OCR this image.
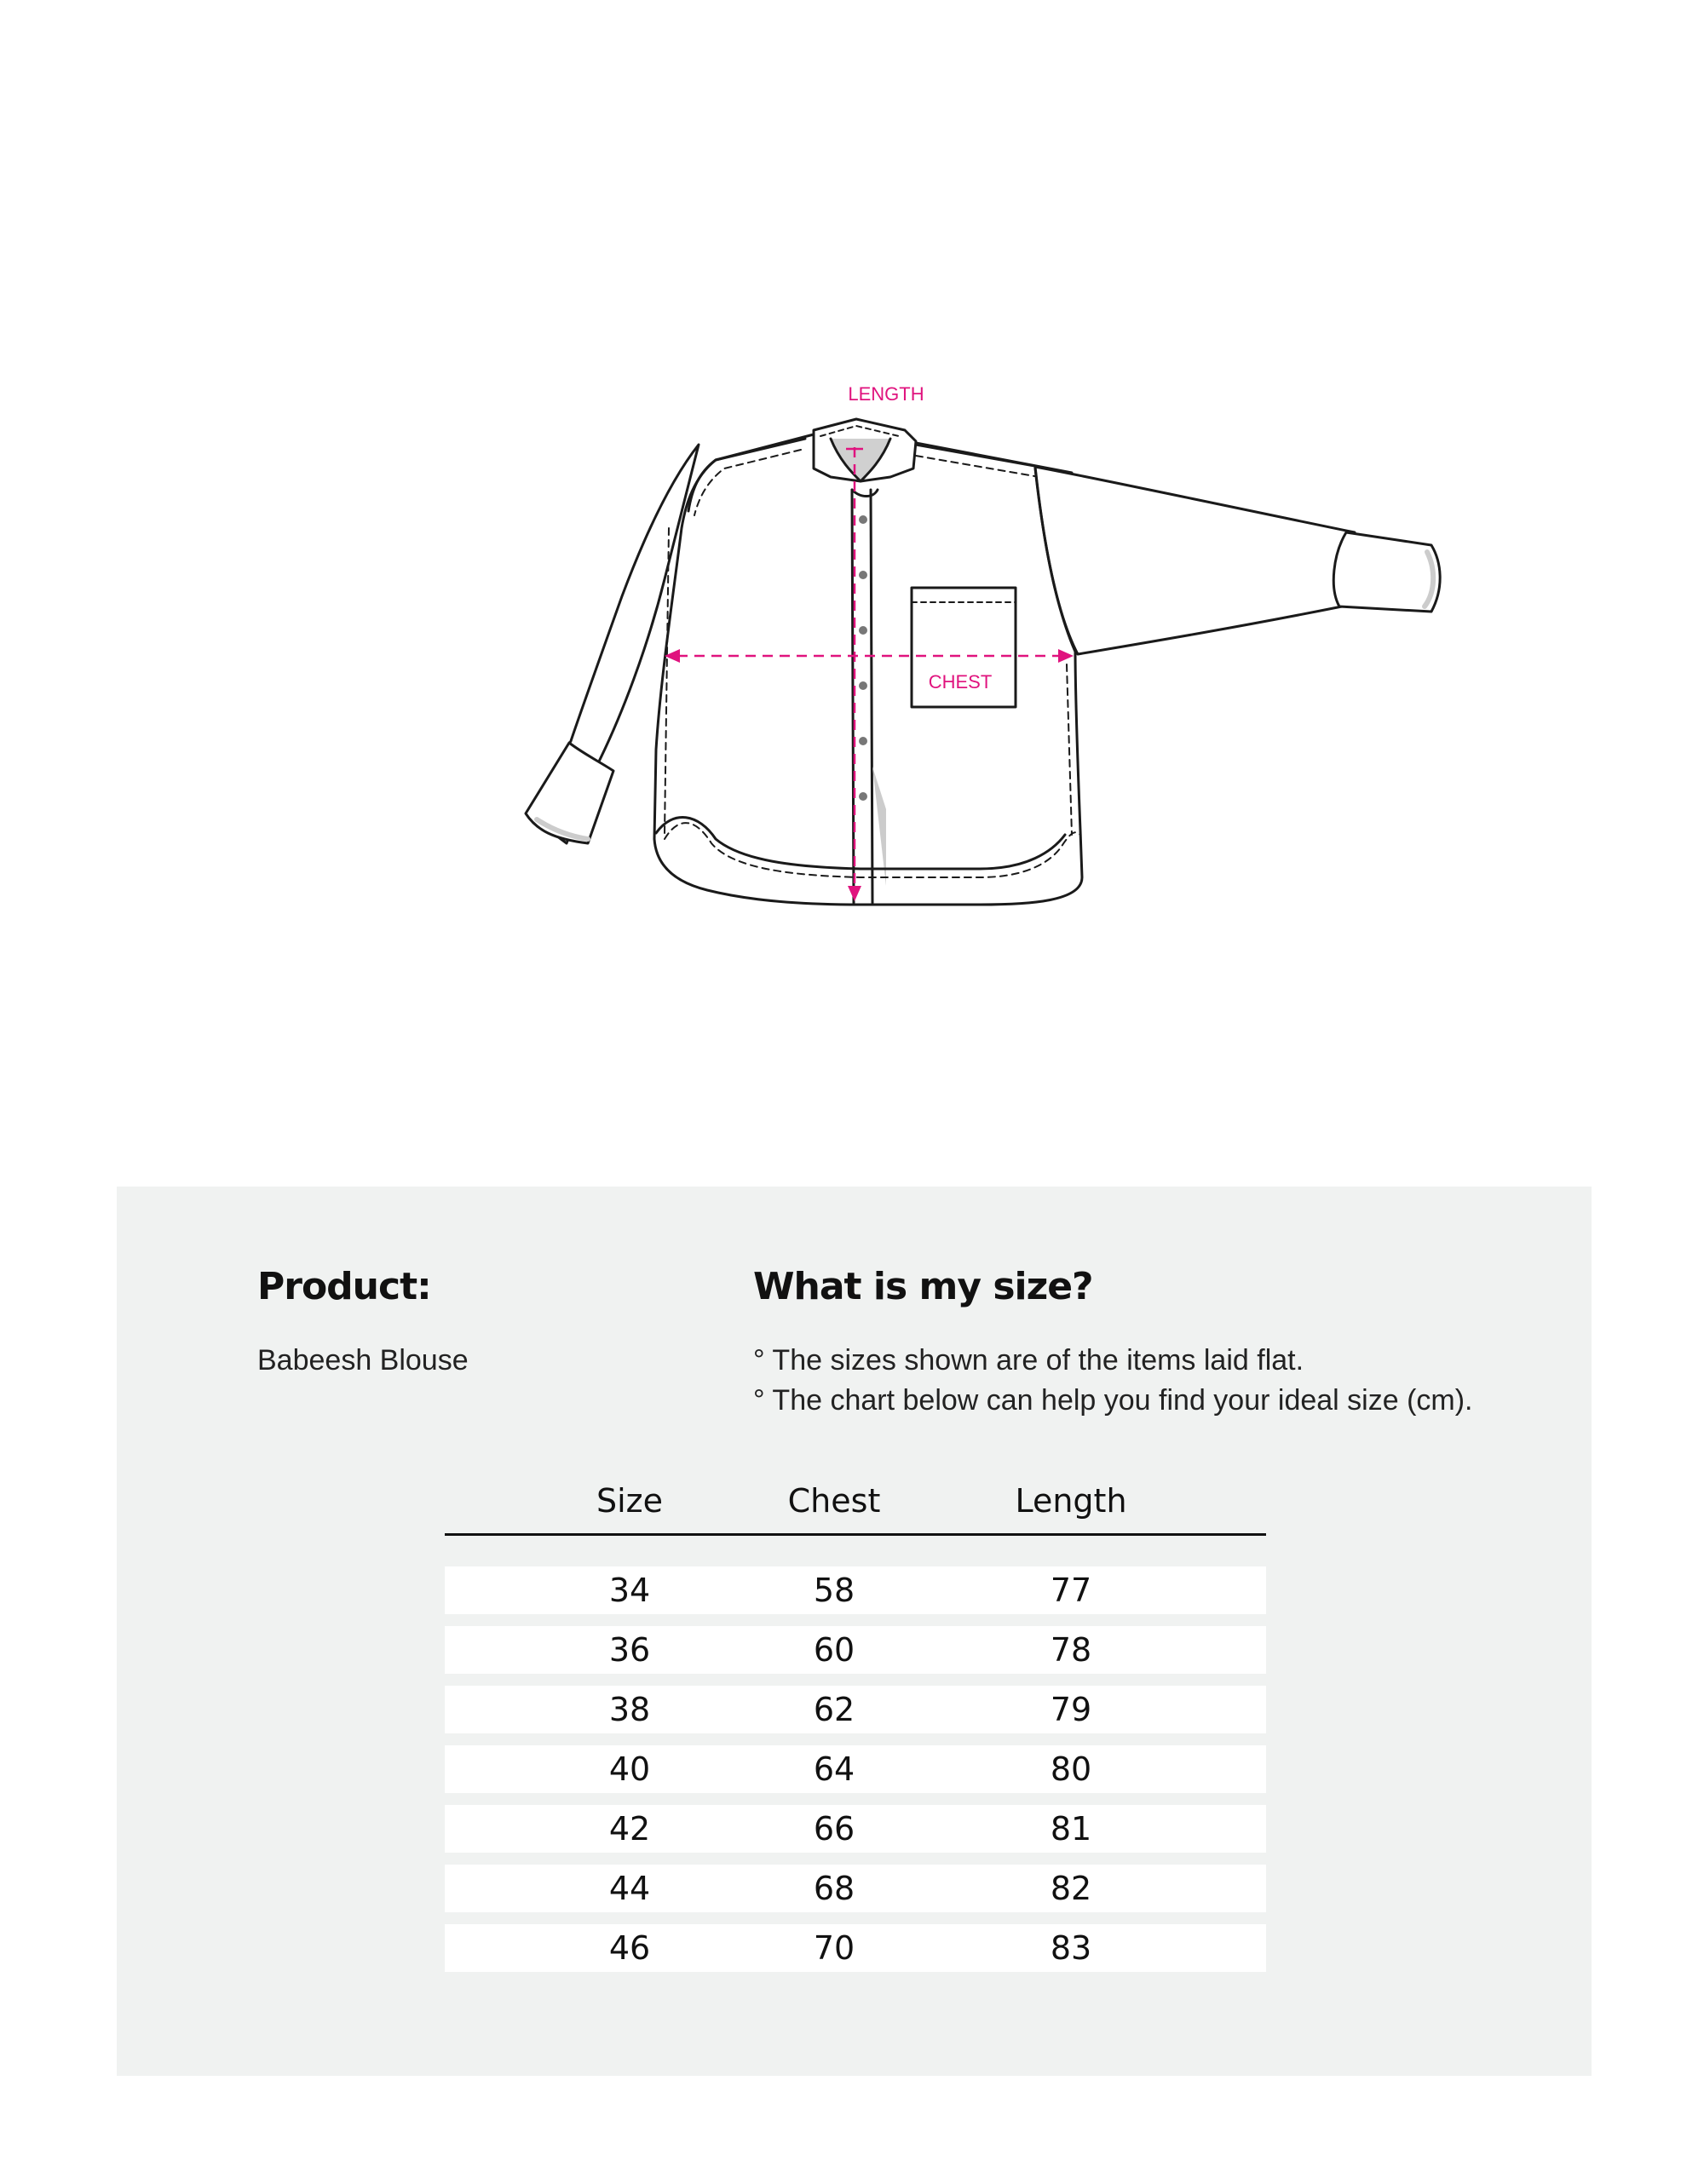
LENGTH
CHEST
Product:
Babeesh Blouse
What is my size?
° The sizes shown are of the items laid flat.
° The chart below can help you find your ideal size (cm).
Size	Chest	Length
34	58	77
36	60	78
38	62	79
40	64	80
42	66	81
44	68	82
46	70	83
